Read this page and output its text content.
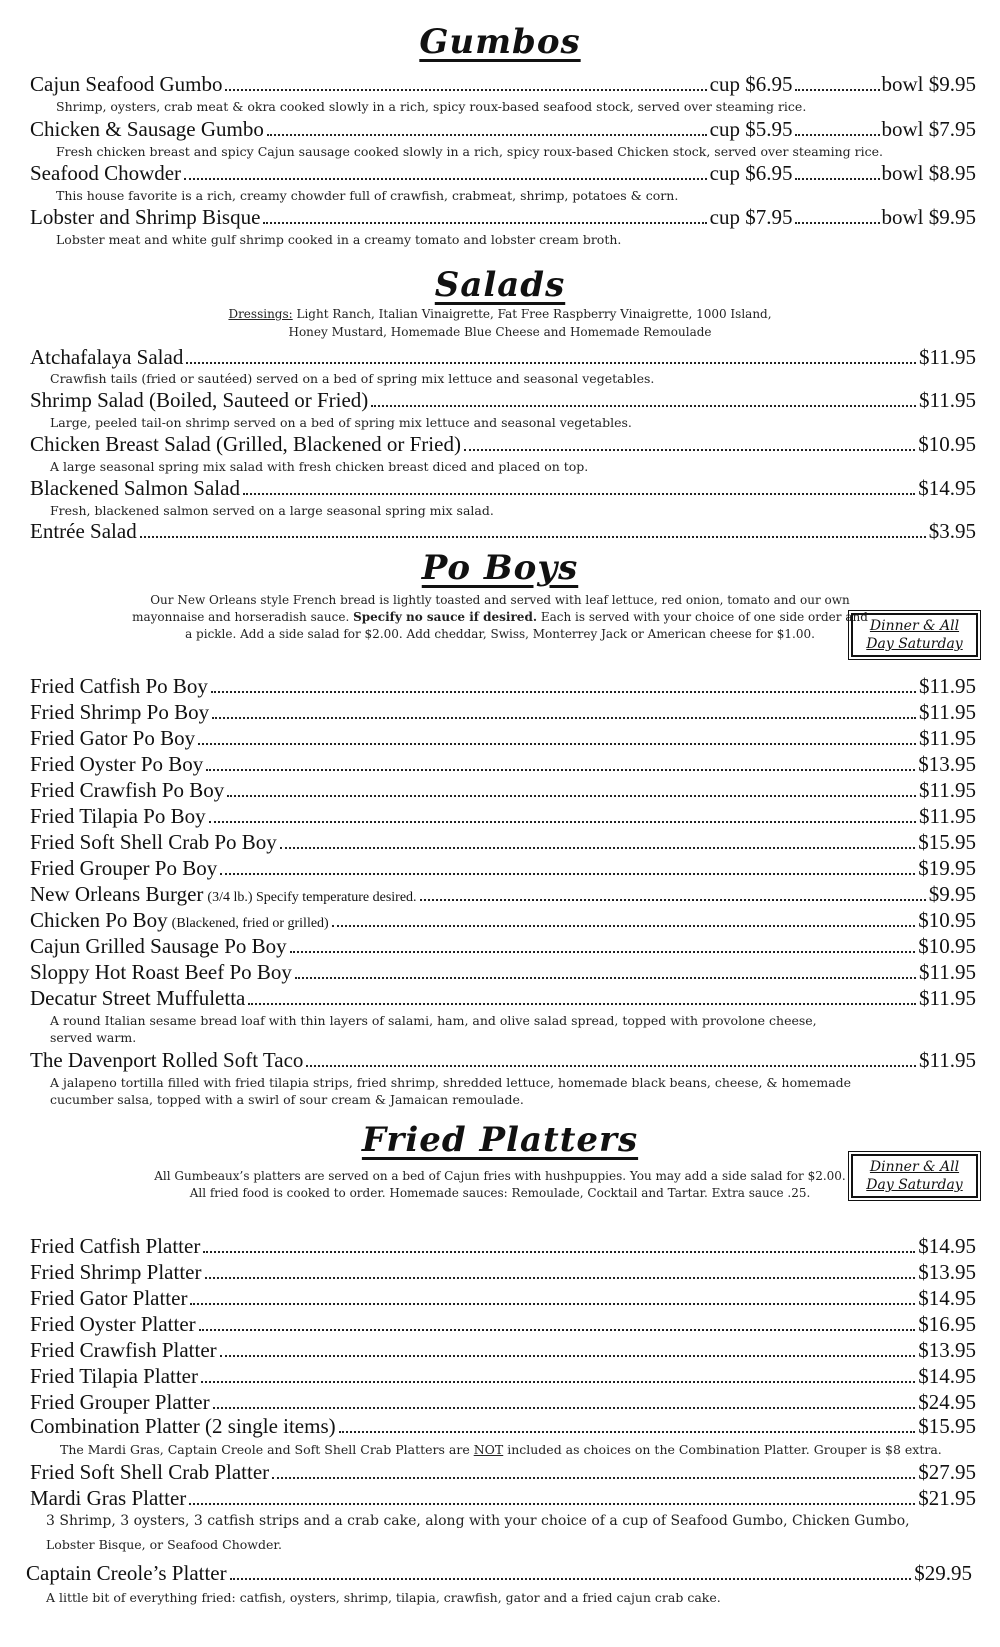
Gumbos
Cajun Seafood Gumbo	cup $6.95	bowl $9.95
Shrimp, oysters, crab meat & okra cooked slowly in a rich, spicy roux-based seafood stock, served over steaming rice.
Chicken & Sausage Gumbo	cup $5.95	bowl $7.95
Fresh chicken breast and spicy Cajun sausage cooked slowly in a rich, spicy roux-based Chicken stock, served over steaming rice.
Seafood Chowder	cup $6.95	bowl $8.95
This house favorite is a rich, creamy chowder full of crawfish, crabmeat, shrimp, potatoes & corn.
Lobster and Shrimp Bisque	cup $7.95	bowl $9.95
Lobster meat and white gulf shrimp cooked in a creamy tomato and lobster cream broth.
Salads
Dressings: Light Ranch, Italian Vinaigrette, Fat Free Raspberry Vinaigrette, 1000 Island,
Honey Mustard, Homemade Blue Cheese and Homemade Remoulade
Atchafalaya Salad	$11.95
Crawfish tails (fried or sautéed) served on a bed of spring mix lettuce and seasonal vegetables.
Shrimp Salad (Boiled, Sauteed or Fried)	$11.95
Large, peeled tail-on shrimp served on a bed of spring mix lettuce and seasonal vegetables.
Chicken Breast Salad (Grilled, Blackened or Fried)	$10.95
A large seasonal spring mix salad with fresh chicken breast diced and placed on top.
Blackened Salmon Salad	$14.95
Fresh, blackened salmon served on a large seasonal spring mix salad.
Entrée Salad	$3.95
Po Boys
Our New Orleans style French bread is lightly toasted and served with leaf lettuce, red onion, tomato and our own
mayonnaise and horseradish sauce. Specify no sauce if desired. Each is served with your choice of one side order and
a pickle. Add a side salad for $2.00. Add cheddar, Swiss, Monterrey Jack or American cheese for $1.00.	Dinner & All
Day Saturday
Fried Catfish Po Boy	$11.95
Fried Shrimp Po Boy	$11.95
Fried Gator Po Boy	$11.95
Fried Oyster Po Boy	$13.95
Fried Crawfish Po Boy	$11.95
Fried Tilapia Po Boy	$11.95
Fried Soft Shell Crab Po Boy	$15.95
Fried Grouper Po Boy	$19.95
New Orleans Burger (3/4 lb.) Specify temperature desired.	$9.95
Chicken Po Boy (Blackened, fried or grilled)	$10.95
Cajun Grilled Sausage Po Boy	$10.95
Sloppy Hot Roast Beef Po Boy	$11.95
Decatur Street Muffuletta	$11.95
A round Italian sesame bread loaf with thin layers of salami, ham, and olive salad spread, topped with provolone cheese,
served warm.
The Davenport Rolled Soft Taco	$11.95
A jalapeno tortilla filled with fried tilapia strips, fried shrimp, shredded lettuce, homemade black beans, cheese, & homemade
cucumber salsa, topped with a swirl of sour cream & Jamaican remoulade.
Fried Platters
All Gumbeaux’s platters are served on a bed of Cajun fries with hushpuppies. You may add a side salad for $2.00.
All fried food is cooked to order. Homemade sauces: Remoulade, Cocktail and Tartar. Extra sauce .25.
Dinner & All
Day Saturday
Fried Catfish Platter	$14.95
Fried Shrimp Platter	$13.95
Fried Gator Platter	$14.95
Fried Oyster Platter	$16.95
Fried Crawfish Platter	$13.95
Fried Tilapia Platter	$14.95
Fried Grouper Platter	$24.95
Combination Platter (2 single items)	$15.95
The Mardi Gras, Captain Creole and Soft Shell Crab Platters are NOT included as choices on the Combination Platter. Grouper is $8 extra.
Fried Soft Shell Crab Platter	$27.95
Mardi Gras Platter	$21.95
3 Shrimp, 3 oysters, 3 catfish strips and a crab cake, along with your choice of a cup of Seafood Gumbo, Chicken Gumbo,
Lobster Bisque, or Seafood Chowder.
Captain Creole’s Platter	$29.95
A little bit of everything fried: catfish, oysters, shrimp, tilapia, crawfish, gator and a fried cajun crab cake.
